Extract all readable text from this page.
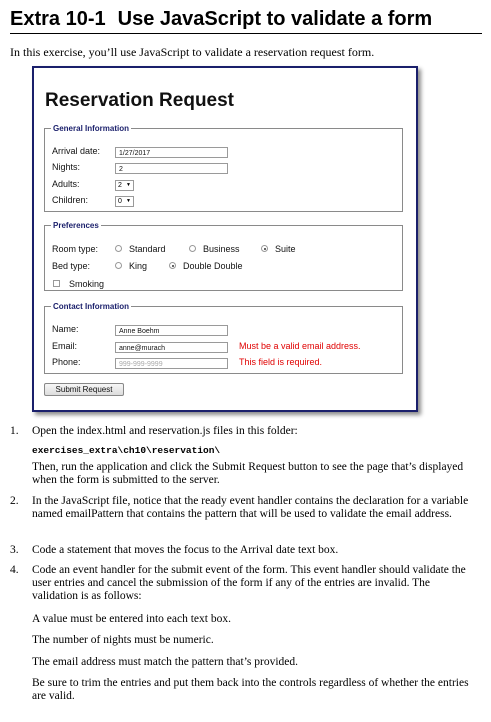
Extra 10-1 Use JavaScript to validate a form
In this exercise, you’ll use JavaScript to validate a reservation request form.
Reservation Request
General Information
Arrival date:	1/27/2017
Nights:	2
Adults:	2 ▼
Children:	0 ▼
Preferences
Room type:	Standard	Business	Suite
Bed type:	King	Double Double
Smoking
Contact Information
Name:	Anne Boehm
Email:	anne@murach	Must be a valid email address.
Phone:	999-999-9999	This field is required.
Submit Request
1. Open the index.html and reservation.js files in this folder:
exercises_extra\ch10\reservation\
Then, run the application and click the Submit Request button to see the page that’s displayed when the form is submitted to the server.
2. In the JavaScript file, notice that the ready event handler contains the declaration for a variable named emailPattern that contains the pattern that will be used to validate the email address.
3. Code a statement that moves the focus to the Arrival date text box.
4. Code an event handler for the submit event of the form. This event handler should validate the user entries and cancel the submission of the form if any of the entries are invalid. The validation is as follows:
A value must be entered into each text box.
The number of nights must be numeric.
The email address must match the pattern that’s provided.
Be sure to trim the entries and put them back into the controls regardless of whether the entries are valid.
